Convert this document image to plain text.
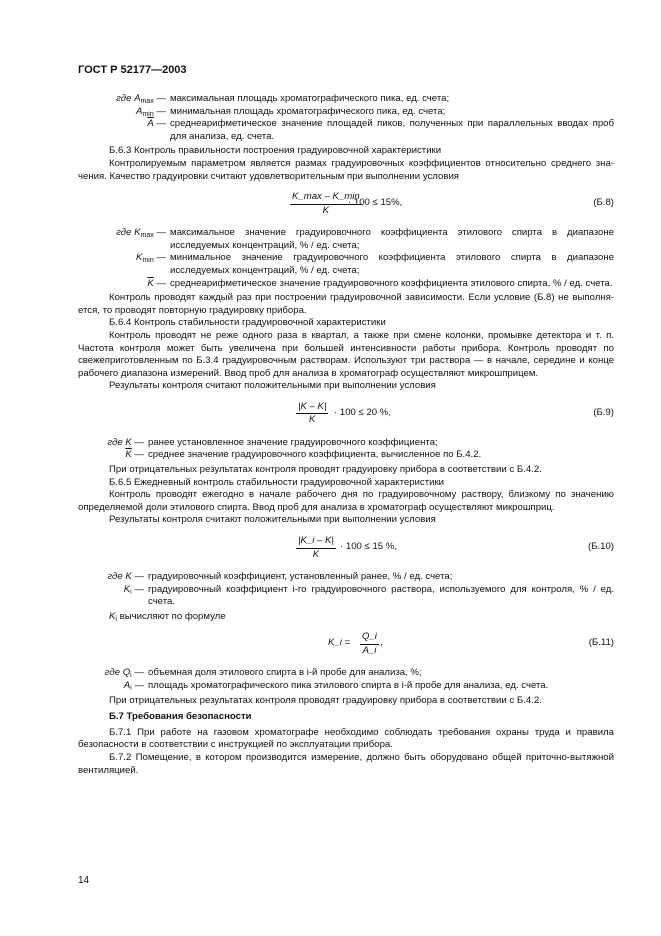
ГОСТ Р 52177—2003
где $A_{max}$ — максимальная площадь хроматографического пика, ед. счета;
$A_{min}$ — минимальная площадь хроматографического пика, ед. счета;
$\overline{A}$ — среднеарифметическое значение площадей пиков, полученных при параллельных вводах проб для анализа, ед. счета.

Б.6.3 Контроль правильности построения градуировочной характеристики

Контролируемым параметром является размах градуировочных коэффициентов относительно среднего зна-чения. Качество градуировки считают удовлетворительным при выполнении условия

K_max – K_min
K
· 100 ≤ 15%,	(Б.8)
где $K_{max}$ — максимальное значение градуировочного коэффициента этилового спирта в диапазоне исследуемых концентраций, % / ед. счета;
$K_{min}$ — минимальное значение градуировочного коэффициента этилового спирта в диапазоне исследуемых концентраций, % / ед. счета;
$\overline{K}$ — среднеарифметическое значение градуировочного коэффициента этилового спирта, % / ед. счета.

Контроль проводят каждый раз при построении градуировочной зависимости. Если условие (Б.8) не выполня-ется, то проводят повторную градуировку прибора.

Б.6.4 Контроль стабильности градуировочной характеристики

Контроль проводят не реже одного раза в квартал, а также при смене колонки, промывке детектора и т. п. Частота контроля может быть увеличена при большей интенсивности работы прибора. Контроль проводят по свежеприготовленным по Б.3.4 градуировочным растворам. Используют три раствора — в начале, середине и конце рабочего диапазона измерений. Ввод проб для анализа в хроматограф осуществляют микрошприцем.

Результаты контроля считают положительными при выполнении условия

$\frac{|K - K|}{K} \cdot 100 \le 20$ %,	(Б.9)
где K — ранее установленное значение градуировочного коэффициента;
$\overline{K}$ — среднее значение градуировочного коэффициента, вычисленное по Б.4.2.

При отрицательных результатах контроля проводят градуировку прибора в соответствии с Б.4.2.

Б.6.5 Ежедневный контроль стабильности градуировочной характеристики

Контроль проводят ежегодно в начале рабочего дня по градуировочному раствору, близкому по значению определяемой доли этилового спирта. Ввод проб для анализа в хроматограф осуществляют микрошприц.

Результаты контроля считают положительными при выполнении условия

$\frac{|K\_i - K|}{K} \cdot 100 \le 15$ %,	(Б.10)
где K — градуировочный коэффициент, установленный ранее, % / ед. счета;
$K_i$ — градуировочный коэффициент i-го градуировочного раствора, используемого для контроля, % / ед. счета.

$K_i$ вычисляют по формуле

K_i = $\frac{Q\_i}{A\_i}$ ,	(Б.11)
где $Q_i$ — объемная доля этилового спирта в i-й пробе для анализа, %;
$A_i$ — площадь хроматографического пика этилового спирта в i-й пробе для анализа, ед. счета.

При отрицательных результатах контроля проводят градуировку прибора в соответствии с Б.4.2.

Б.7 Требования безопасности

Б.7.1 При работе на газовом хроматографе необходимо соблюдать требования охраны труда и правила безопасности в соответствии с инструкцией по эксплуатации прибора.

Б.7.2 Помещение, в котором производится измерение, должно быть оборудовано общей приточно-вытяжной вентиляцией.

14
